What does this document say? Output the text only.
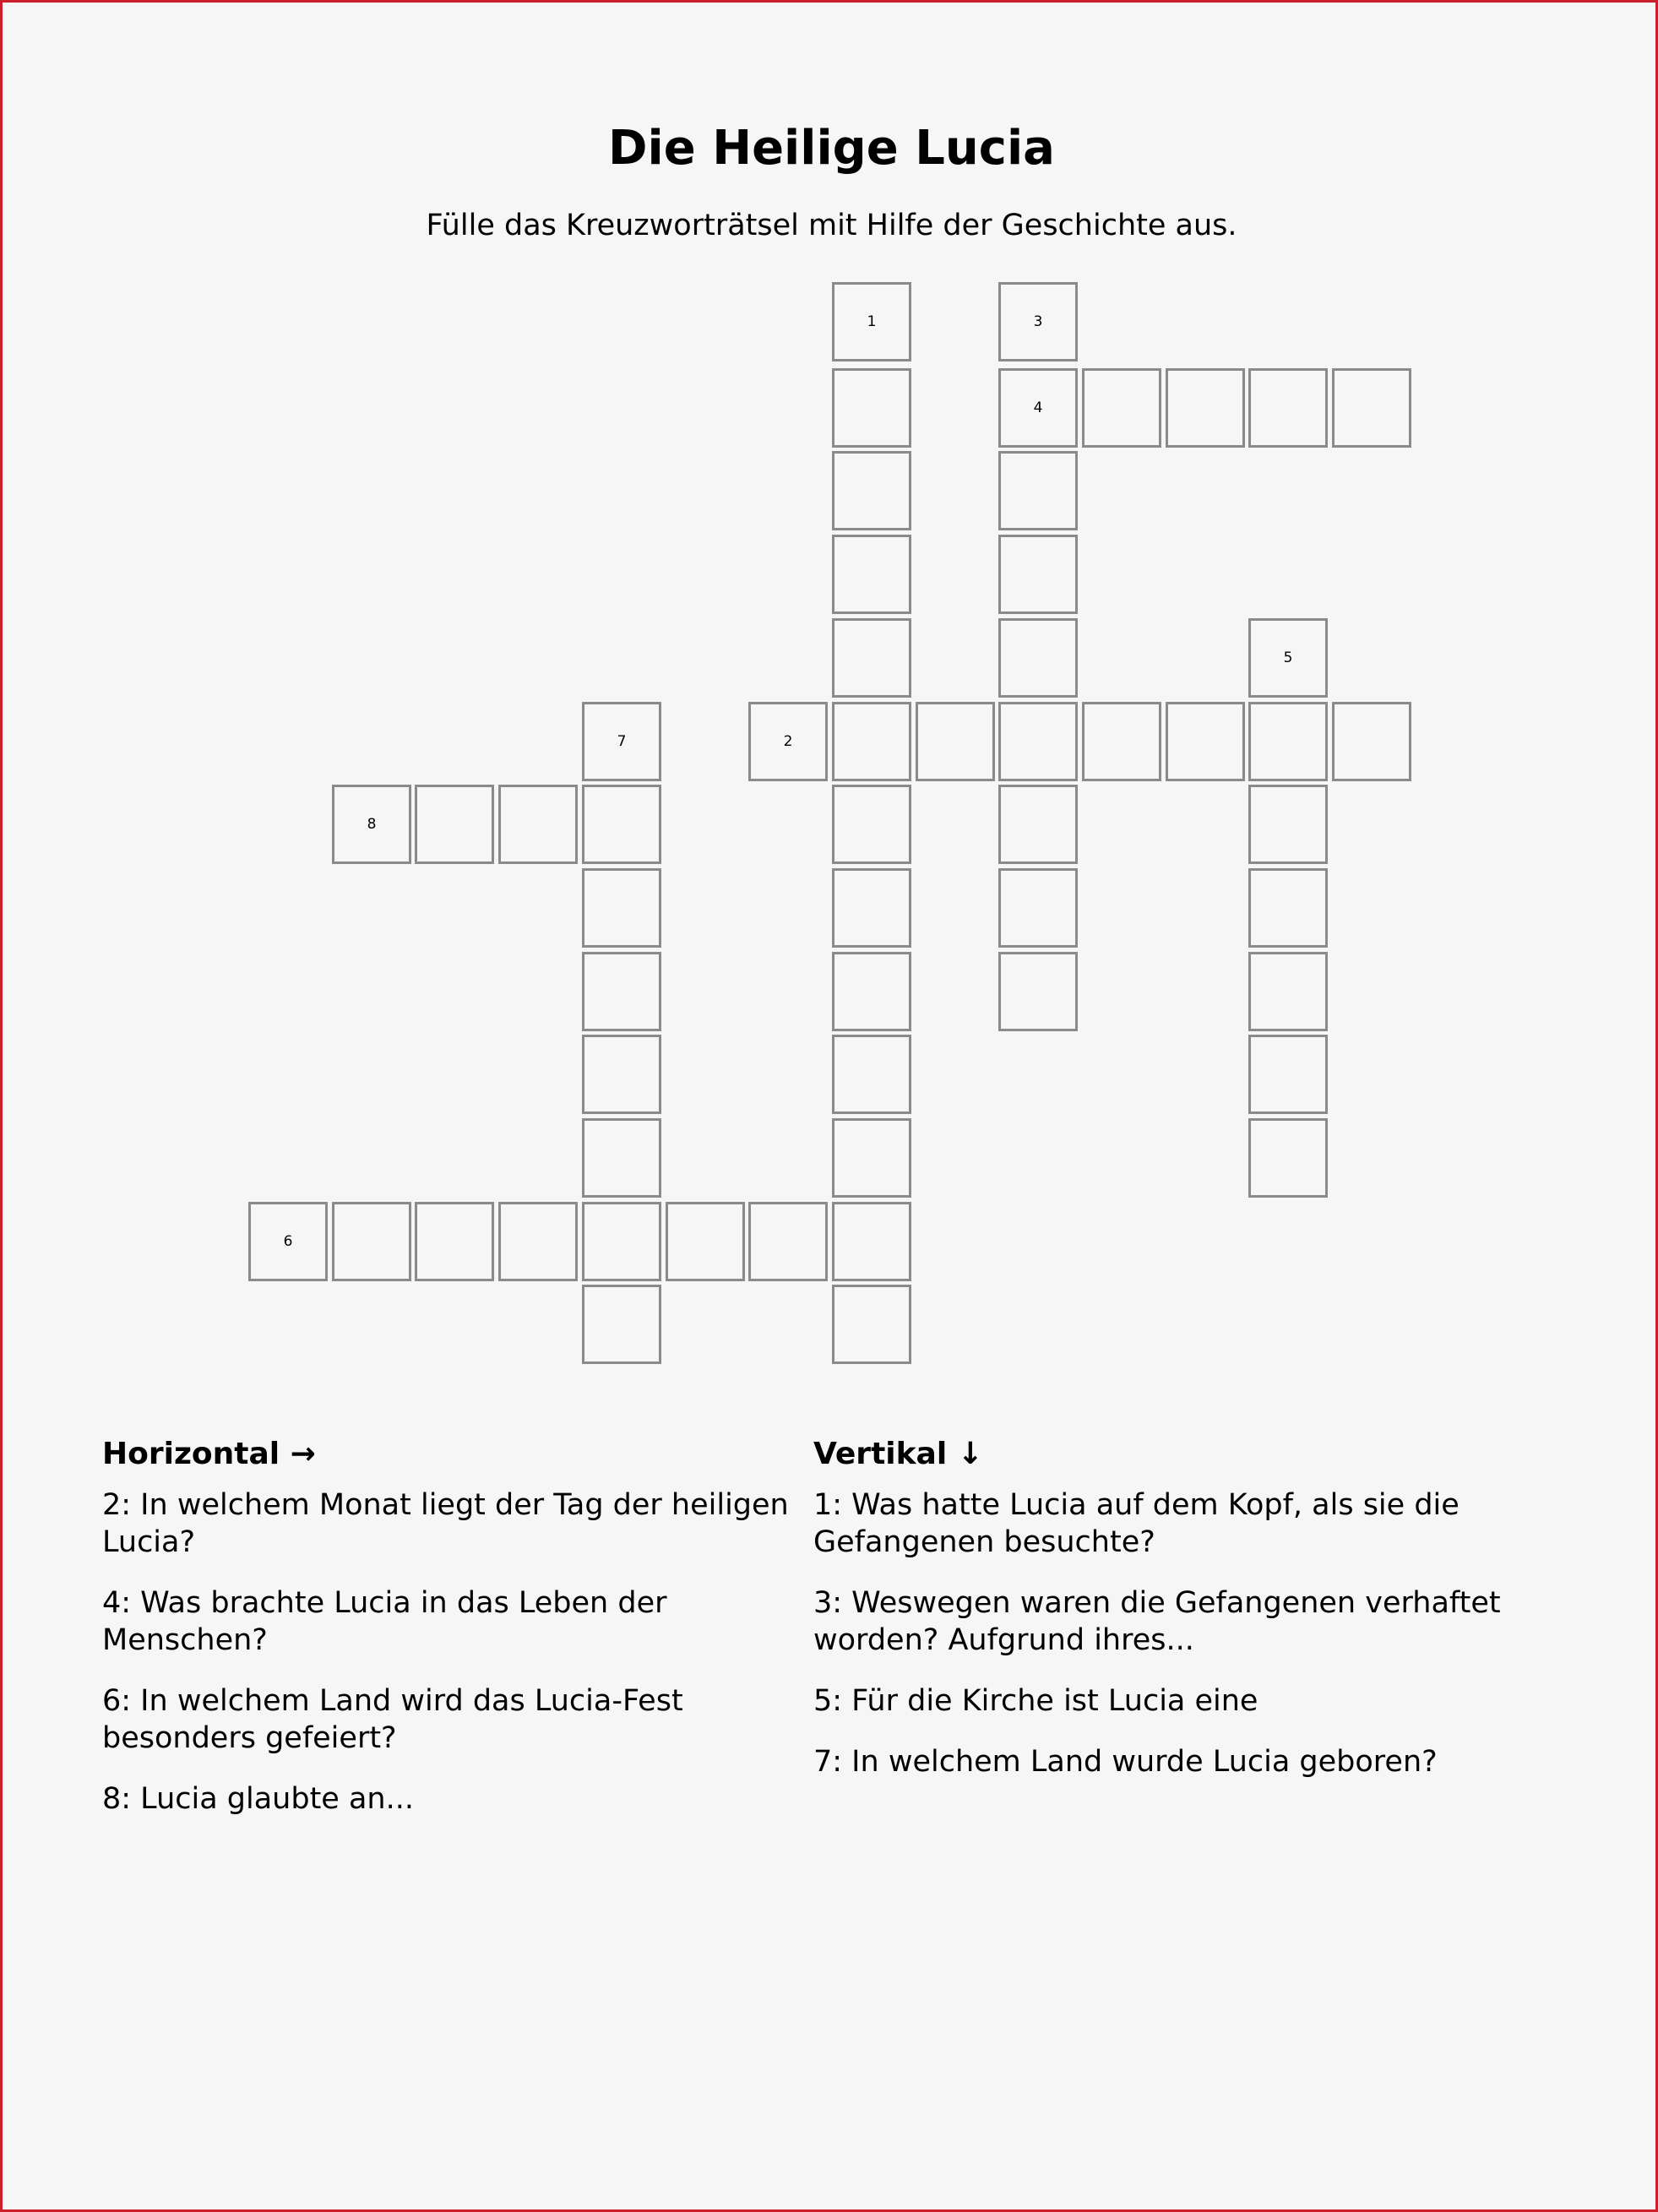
Die Heilige Lucia

Fülle das Kreuzworträtsel mit Hilfe der Geschichte aus.

1	3
4
5
7	2
8
6
Horizontal →

2: In welchem Monat liegt der Tag der heiligen Lucia?

4: Was brachte Lucia in das Leben der Menschen?

6: In welchem Land wird das Lucia-Fest besonders gefeiert?

8: Lucia glaubte an...

Vertikal ↓

1: Was hatte Lucia auf dem Kopf, als sie die Gefangenen besuchte?

3: Weswegen waren die Gefangenen verhaftet worden? Aufgrund ihres...

5: Für die Kirche ist Lucia eine

7: In welchem Land wurde Lucia geboren?
